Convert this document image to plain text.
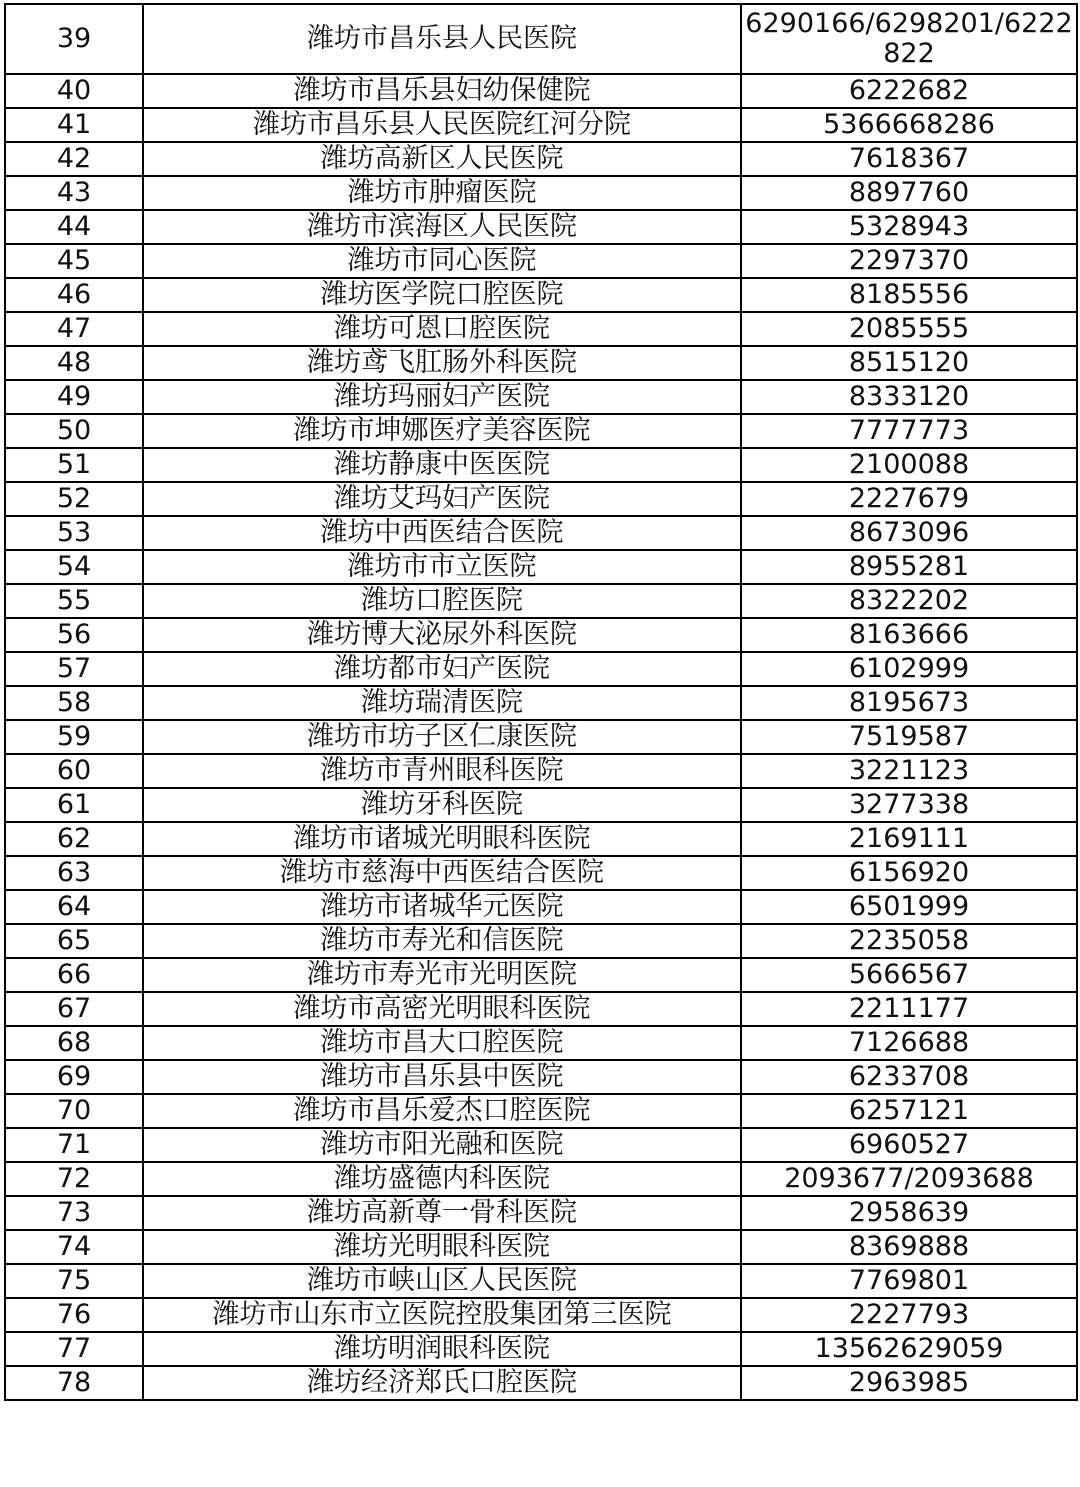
39	潍坊市昌乐县人民医院	6290166/6298201/6222822
40	潍坊市昌乐县妇幼保健院	6222682
41	潍坊市昌乐县人民医院红河分院	5366668286
42	潍坊高新区人民医院	7618367
43	潍坊市肿瘤医院	8897760
44	潍坊市滨海区人民医院	5328943
45	潍坊市同心医院	2297370
46	潍坊医学院口腔医院	8185556
47	潍坊可恩口腔医院	2085555
48	潍坊鸢飞肛肠外科医院	8515120
49	潍坊玛丽妇产医院	8333120
50	潍坊市坤娜医疗美容医院	7777773
51	潍坊静康中医医院	2100088
52	潍坊艾玛妇产医院	2227679
53	潍坊中西医结合医院	8673096
54	潍坊市市立医院	8955281
55	潍坊口腔医院	8322202
56	潍坊博大泌尿外科医院	8163666
57	潍坊都市妇产医院	6102999
58	潍坊瑞清医院	8195673
59	潍坊市坊子区仁康医院	7519587
60	潍坊市青州眼科医院	3221123
61	潍坊牙科医院	3277338
62	潍坊市诸城光明眼科医院	2169111
63	潍坊市慈海中西医结合医院	6156920
64	潍坊市诸城华元医院	6501999
65	潍坊市寿光和信医院	2235058
66	潍坊市寿光市光明医院	5666567
67	潍坊市高密光明眼科医院	2211177
68	潍坊市昌大口腔医院	7126688
69	潍坊市昌乐县中医院	6233708
70	潍坊市昌乐爱杰口腔医院	6257121
71	潍坊市阳光融和医院	6960527
72	潍坊盛德内科医院	2093677/2093688
73	潍坊高新尊一骨科医院	2958639
74	潍坊光明眼科医院	8369888
75	潍坊市峡山区人民医院	7769801
76	潍坊市山东市立医院控股集团第三医院	2227793
77	潍坊明润眼科医院	13562629059
78	潍坊经济郑氏口腔医院	2963985
